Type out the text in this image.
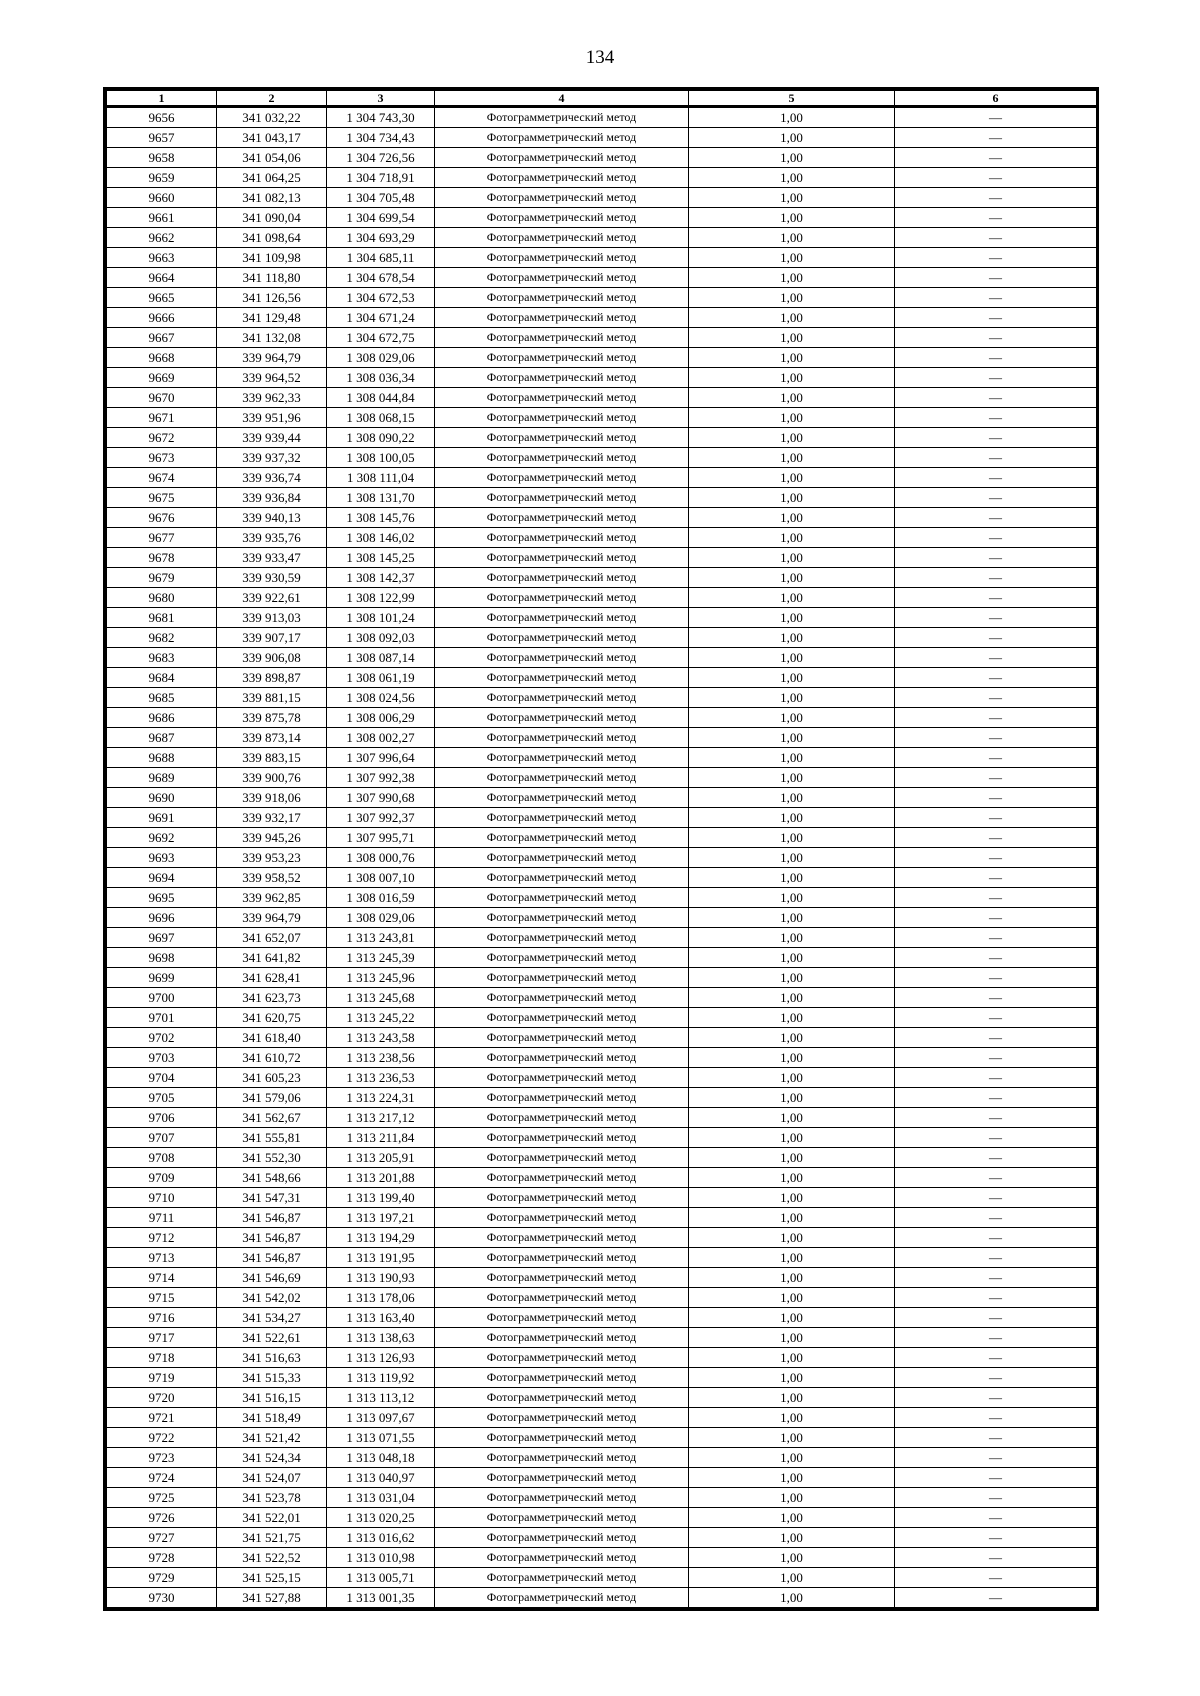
134
1	2	3	4	5	6
9656	341 032,22	1 304 743,30	Фотограмметрический метод	1,00	—
9657	341 043,17	1 304 734,43	Фотограмметрический метод	1,00	—
9658	341 054,06	1 304 726,56	Фотограмметрический метод	1,00	—
9659	341 064,25	1 304 718,91	Фотограмметрический метод	1,00	—
9660	341 082,13	1 304 705,48	Фотограмметрический метод	1,00	—
9661	341 090,04	1 304 699,54	Фотограмметрический метод	1,00	—
9662	341 098,64	1 304 693,29	Фотограмметрический метод	1,00	—
9663	341 109,98	1 304 685,11	Фотограмметрический метод	1,00	—
9664	341 118,80	1 304 678,54	Фотограмметрический метод	1,00	—
9665	341 126,56	1 304 672,53	Фотограмметрический метод	1,00	—
9666	341 129,48	1 304 671,24	Фотограмметрический метод	1,00	—
9667	341 132,08	1 304 672,75	Фотограмметрический метод	1,00	—
9668	339 964,79	1 308 029,06	Фотограмметрический метод	1,00	—
9669	339 964,52	1 308 036,34	Фотограмметрический метод	1,00	—
9670	339 962,33	1 308 044,84	Фотограмметрический метод	1,00	—
9671	339 951,96	1 308 068,15	Фотограмметрический метод	1,00	—
9672	339 939,44	1 308 090,22	Фотограмметрический метод	1,00	—
9673	339 937,32	1 308 100,05	Фотограмметрический метод	1,00	—
9674	339 936,74	1 308 111,04	Фотограмметрический метод	1,00	—
9675	339 936,84	1 308 131,70	Фотограмметрический метод	1,00	—
9676	339 940,13	1 308 145,76	Фотограмметрический метод	1,00	—
9677	339 935,76	1 308 146,02	Фотограмметрический метод	1,00	—
9678	339 933,47	1 308 145,25	Фотограмметрический метод	1,00	—
9679	339 930,59	1 308 142,37	Фотограмметрический метод	1,00	—
9680	339 922,61	1 308 122,99	Фотограмметрический метод	1,00	—
9681	339 913,03	1 308 101,24	Фотограмметрический метод	1,00	—
9682	339 907,17	1 308 092,03	Фотограмметрический метод	1,00	—
9683	339 906,08	1 308 087,14	Фотограмметрический метод	1,00	—
9684	339 898,87	1 308 061,19	Фотограмметрический метод	1,00	—
9685	339 881,15	1 308 024,56	Фотограмметрический метод	1,00	—
9686	339 875,78	1 308 006,29	Фотограмметрический метод	1,00	—
9687	339 873,14	1 308 002,27	Фотограмметрический метод	1,00	—
9688	339 883,15	1 307 996,64	Фотограмметрический метод	1,00	—
9689	339 900,76	1 307 992,38	Фотограмметрический метод	1,00	—
9690	339 918,06	1 307 990,68	Фотограмметрический метод	1,00	—
9691	339 932,17	1 307 992,37	Фотограмметрический метод	1,00	—
9692	339 945,26	1 307 995,71	Фотограмметрический метод	1,00	—
9693	339 953,23	1 308 000,76	Фотограмметрический метод	1,00	—
9694	339 958,52	1 308 007,10	Фотограмметрический метод	1,00	—
9695	339 962,85	1 308 016,59	Фотограмметрический метод	1,00	—
9696	339 964,79	1 308 029,06	Фотограмметрический метод	1,00	—
9697	341 652,07	1 313 243,81	Фотограмметрический метод	1,00	—
9698	341 641,82	1 313 245,39	Фотограмметрический метод	1,00	—
9699	341 628,41	1 313 245,96	Фотограмметрический метод	1,00	—
9700	341 623,73	1 313 245,68	Фотограмметрический метод	1,00	—
9701	341 620,75	1 313 245,22	Фотограмметрический метод	1,00	—
9702	341 618,40	1 313 243,58	Фотограмметрический метод	1,00	—
9703	341 610,72	1 313 238,56	Фотограмметрический метод	1,00	—
9704	341 605,23	1 313 236,53	Фотограмметрический метод	1,00	—
9705	341 579,06	1 313 224,31	Фотограмметрический метод	1,00	—
9706	341 562,67	1 313 217,12	Фотограмметрический метод	1,00	—
9707	341 555,81	1 313 211,84	Фотограмметрический метод	1,00	—
9708	341 552,30	1 313 205,91	Фотограмметрический метод	1,00	—
9709	341 548,66	1 313 201,88	Фотограмметрический метод	1,00	—
9710	341 547,31	1 313 199,40	Фотограмметрический метод	1,00	—
9711	341 546,87	1 313 197,21	Фотограмметрический метод	1,00	—
9712	341 546,87	1 313 194,29	Фотограмметрический метод	1,00	—
9713	341 546,87	1 313 191,95	Фотограмметрический метод	1,00	—
9714	341 546,69	1 313 190,93	Фотограмметрический метод	1,00	—
9715	341 542,02	1 313 178,06	Фотограмметрический метод	1,00	—
9716	341 534,27	1 313 163,40	Фотограмметрический метод	1,00	—
9717	341 522,61	1 313 138,63	Фотограмметрический метод	1,00	—
9718	341 516,63	1 313 126,93	Фотограмметрический метод	1,00	—
9719	341 515,33	1 313 119,92	Фотограмметрический метод	1,00	—
9720	341 516,15	1 313 113,12	Фотограмметрический метод	1,00	—
9721	341 518,49	1 313 097,67	Фотограмметрический метод	1,00	—
9722	341 521,42	1 313 071,55	Фотограмметрический метод	1,00	—
9723	341 524,34	1 313 048,18	Фотограмметрический метод	1,00	—
9724	341 524,07	1 313 040,97	Фотограмметрический метод	1,00	—
9725	341 523,78	1 313 031,04	Фотограмметрический метод	1,00	—
9726	341 522,01	1 313 020,25	Фотограмметрический метод	1,00	—
9727	341 521,75	1 313 016,62	Фотограмметрический метод	1,00	—
9728	341 522,52	1 313 010,98	Фотограмметрический метод	1,00	—
9729	341 525,15	1 313 005,71	Фотограмметрический метод	1,00	—
9730	341 527,88	1 313 001,35	Фотограмметрический метод	1,00	—
